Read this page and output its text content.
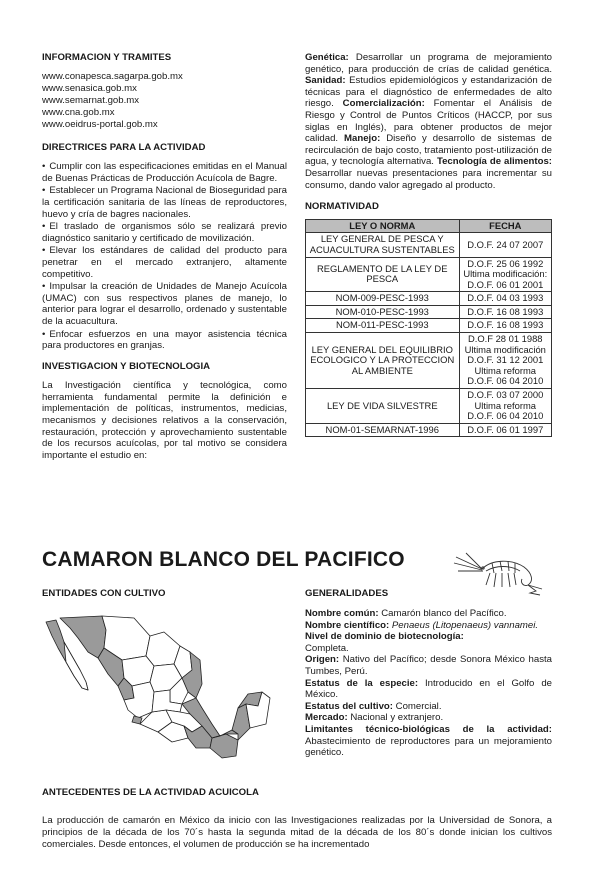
INFORMACION Y TRAMITES
www.conapesca.sagarpa.gob.mx
www.senasica.gob.mx
www.semarnat.gob.mx
www.cna.gob.mx
www.oeidrus-portal.gob.mx
DIRECTRICES PARA LA ACTIVIDAD
• Cumplir con las especificaciones emitidas en el Manual de Buenas Prácticas de Producción Acuícola de Bagre.
• Establecer un Programa Nacional de Bioseguridad para la certificación sanitaria de las líneas de reproductores, huevo y cría de bagres nacionales.
• El traslado de organismos sólo se realizará previo diagnóstico sanitario y certificado de movilización.
• Elevar los estándares de calidad del producto para penetrar en el mercado extranjero, altamente competitivo.
• Impulsar la creación de Unidades de Manejo Acuícola (UMAC) con sus respectivos planes de manejo, lo anterior para lograr el desarrollo, ordenado y sustentable de la acuacultura.
• Enfocar esfuerzos en una mayor asistencia técnica para productores en granjas.
INVESTIGACION Y BIOTECNOLOGIA
La Investigación científica y tecnológica, como herramienta fundamental permite la definición e implementación de políticas, instrumentos, medicias, mecanismos y decisiones relativos a la conservación, restauración, protección y aprovechamiento sustentable de los recursos acuícolas, por tal motivo se considera importante el estudio en:
Genética: Desarrollar un programa de mejoramiento genético, para producción de crías de calidad genética. Sanidad: Estudios epidemiológicos y estandarización de técnicas para el diagnóstico de enfermedades de alto riesgo. Comercialización: Fomentar el Análisis de Riesgo y Control de Puntos Críticos (HACCP, por sus siglas en Inglés), para obtener productos de mejor calidad. Manejo: Diseño y desarrollo de sistemas de recirculación de bajo costo, tratamiento post-utilización de agua, y tecnología alternativa. Tecnología de alimentos: Desarrollar nuevas presentaciones para incrementar su consumo, dando valor agregado al producto.
NORMATIVIDAD
LEY O NORMA	FECHA
LEY GENERAL DE PESCA Y ACUACULTURA SUSTENTABLES	D.O.F. 24 07 2007
REGLAMENTO DE LA LEY DE PESCA	D.O.F. 25 06 1992 Ultima modificación: D.O.F. 06 01 2001
NOM-009-PESC-1993	D.O.F. 04 03 1993
NOM-010-PESC-1993	D.O.F. 16 08 1993
NOM-011-PESC-1993	D.O.F. 16 08 1993
LEY GENERAL DEL EQUILIBRIO ECOLOGICO Y LA PROTECCION AL AMBIENTE	D.O.F 28 01 1988 Ultima modificación D.O.F. 31 12 2001 Ultima reforma D.O.F. 06 04 2010
LEY DE VIDA SILVESTRE	D.O.F. 03 07 2000 Ultima reforma D.O.F. 06 04 2010
NOM-01-SEMARNAT-1996	D.O.F. 06 01 1997
CAMARON BLANCO DEL PACIFICO
ENTIDADES CON CULTIVO	GENERALIDADES

Nombre común: Camarón blanco del Pacífico.

Nombre científico: Penaeus (Litopenaeus) vannamei.

Nivel de dominio de biotecnología:

Completa.

Origen: Nativo del Pacífico; desde Sonora México hasta Tumbes, Perú.

Estatus de la especie: Introducido en el Golfo de México.

Estatus del cultivo: Comercial.

Mercado: Nacional y extranjero.

Limitantes técnico-biológicas de la actividad: Abastecimiento de reproductores para un mejoramiento genético.

ANTECEDENTES DE LA ACTIVIDAD ACUICOLA
La producción de camarón en México da inicio con las Investigaciones realizadas por la Universidad de Sonora, a principios de la década de los 70´s hasta la segunda mitad de la década de los 80´s donde inician los cultivos comerciales. Desde entonces, el volumen de producción se ha incrementado
